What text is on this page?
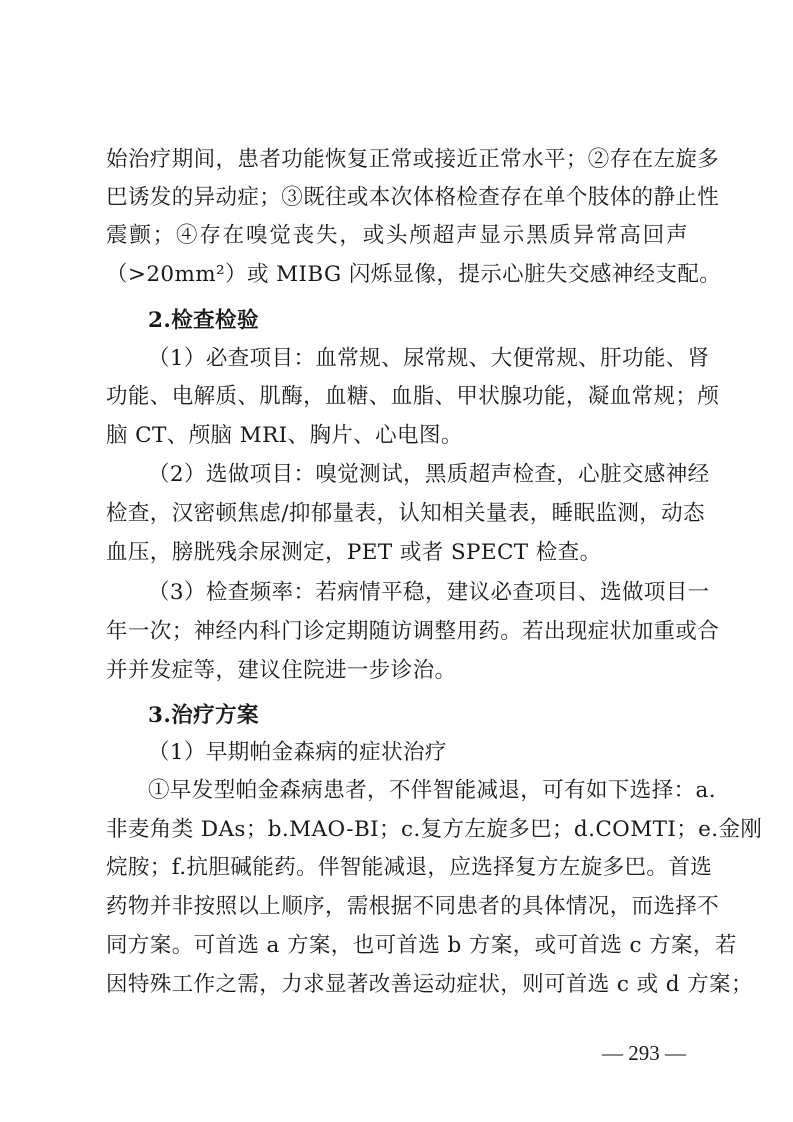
始治疗期间，患者功能恢复正常或接近正常水平；②存在左旋多
巴诱发的异动症；③既往或本次体格检查存在单个肢体的静止性
震颤；④存在嗅觉丧失，或头颅超声显示黑质异常高回声
（>20mm²）或 MIBG 闪烁显像，提示心脏失交感神经支配。
2.检查检验
（1）必查项目：血常规、尿常规、大便常规、肝功能、肾
功能、电解质、肌酶，血糖、血脂、甲状腺功能，凝血常规；颅
脑 CT、颅脑 MRI、胸片、心电图。
（2）选做项目：嗅觉测试，黑质超声检查，心脏交感神经
检查，汉密顿焦虑/抑郁量表，认知相关量表，睡眠监测，动态
血压，膀胱残余尿测定，PET 或者 SPECT 检查。
（3）检查频率：若病情平稳，建议必查项目、选做项目一
年一次；神经内科门诊定期随访调整用药。若出现症状加重或合
并并发症等，建议住院进一步诊治。
3.治疗方案
（1）早期帕金森病的症状治疗
①早发型帕金森病患者，不伴智能减退，可有如下选择：a.
非麦角类 DAs；b.MAO-BI；c.复方左旋多巴；d.COMTI；e.金刚
烷胺；f.抗胆碱能药。伴智能减退，应选择复方左旋多巴。首选
药物并非按照以上顺序，需根据不同患者的具体情况，而选择不
同方案。可首选 a 方案，也可首选 b 方案，或可首选 c 方案，若
因特殊工作之需，力求显著改善运动症状，则可首选 c 或 d 方案；
— 293 —
